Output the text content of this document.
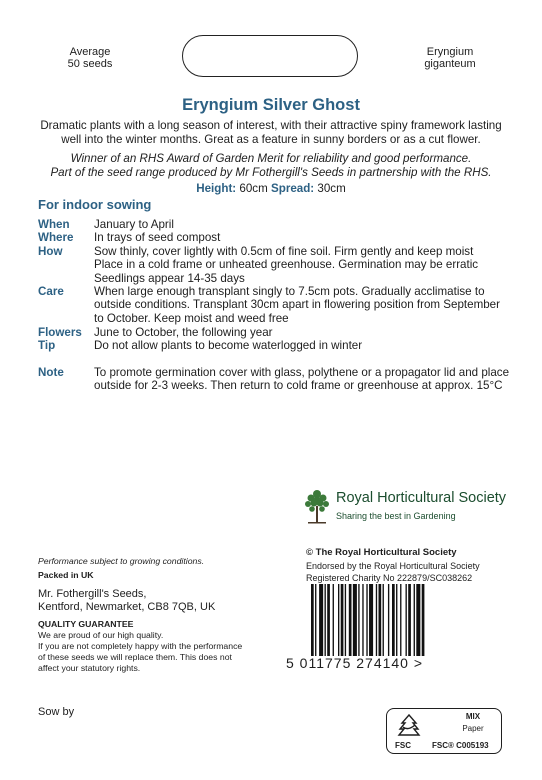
Average
50 seeds
Eryngium
giganteum
Eryngium Silver Ghost
Dramatic plants with a long season of interest, with their attractive spiny framework lasting
well into the winter months. Great as a feature in sunny borders or as a cut flower.
Winner of an RHS Award of Garden Merit for reliability and good performance.
Part of the seed range produced by Mr Fothergill's Seeds in partnership with the RHS.
Height: 60cm Spread: 30cm
For indoor sowing
When	January to April
Where	In trays of seed compost
How	Sow thinly, cover lightly with 0.5cm of fine soil. Firm gently and keep moist
Place in a cold frame or unheated greenhouse. Germination may be erratic
Seedlings appear 14-35 days
Care	When large enough transplant singly to 7.5cm pots. Gradually acclimatise to
outside conditions. Transplant 30cm apart in flowering position from September
to October. Keep moist and weed free
Flowers	June to October, the following year
Tip	Do not allow plants to become waterlogged in winter
Note	To promote germination cover with glass, polythene or a propagator lid and place
outside for 2-3 weeks. Then return to cold frame or greenhouse at approx. 15°C
Royal Horticultural Society
Sharing the best in Gardening
Performance subject to growing conditions.
Packed in UK
Mr. Fothergill's Seeds,
Kentford, Newmarket, CB8 7QB, UK
QUALITY GUARANTEE
We are proud of our high quality.
If you are not completely happy with the performance
of these seeds we will replace them. This does not
affect your statutory rights.
© The Royal Horticultural Society
Endorsed by the Royal Horticultural Society
Registered Charity No 222879/SC038262
5 011775 274140 >
Sow by
FSC
MIX
Paper
FSC® C005193
